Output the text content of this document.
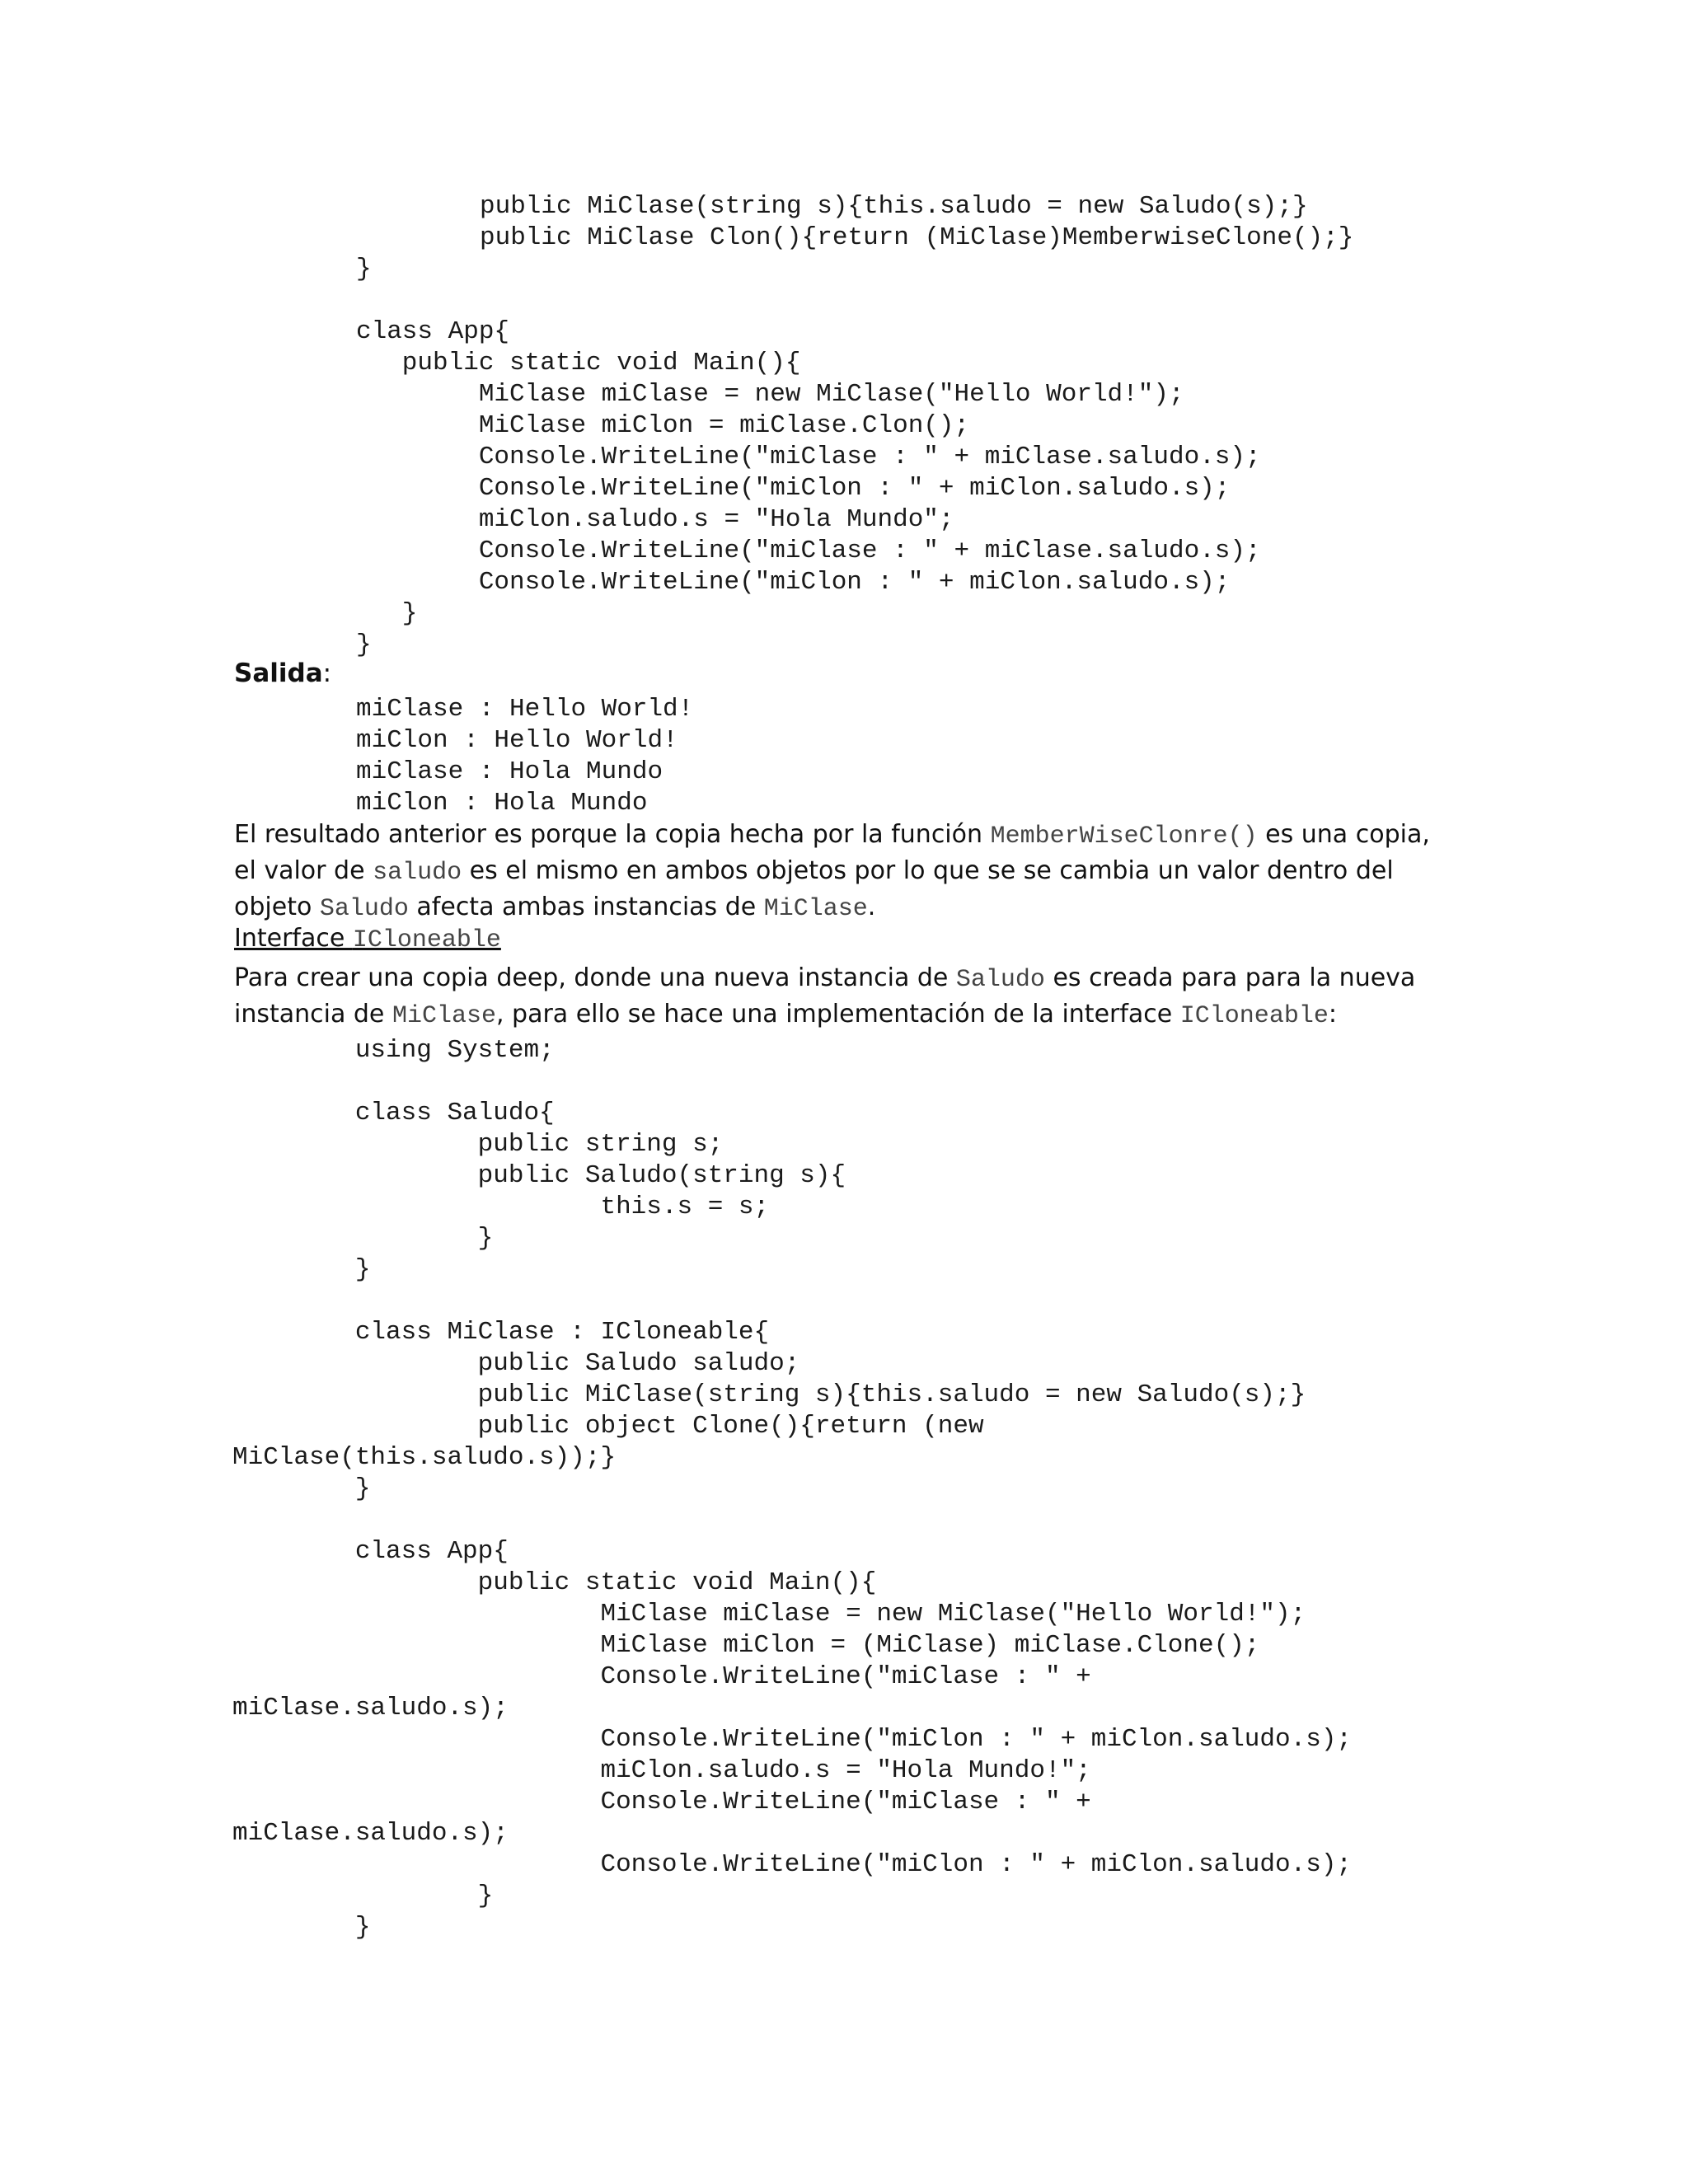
public MiClase(string s){this.saludo = new Saludo(s);}
public MiClase Clon(){return (MiClase)MemberwiseClone();}
}

class App{
public static void Main(){
MiClase miClase = new MiClase("Hello World!");
MiClase miClon = miClase.Clon();
Console.WriteLine("miClase : " + miClase.saludo.s);
Console.WriteLine("miClon : " + miClon.saludo.s);
miClon.saludo.s = "Hola Mundo";
Console.WriteLine("miClase : " + miClase.saludo.s);
Console.WriteLine("miClon : " + miClon.saludo.s);
}
}

Salida:

miClase : Hello World!
miClon : Hello World!
miClase : Hola Mundo
miClon : Hola Mundo

El resultado anterior es porque la copia hecha por la función MemberWiseClonre() es una copia, el valor de saludo es el mismo en ambos objetos por lo que se se cambia un valor dentro del objeto Saludo afecta ambas instancias de MiClase.

Interface ICloneable

Para crear una copia deep, donde una nueva instancia de Saludo es creada para para la nueva instancia de MiClase, para ello se hace una implementación de la interface ICloneable:

using System;

class Saludo{
public string s;
public Saludo(string s){
this.s = s;
}
}

class MiClase : ICloneable{
public Saludo saludo;
public MiClase(string s){this.saludo = new Saludo(s);}
public object Clone(){return (new
MiClase(this.saludo.s));}
}

class App{
public static void Main(){
MiClase miClase = new MiClase("Hello World!");
MiClase miClon = (MiClase) miClase.Clone();
Console.WriteLine("miClase : " +
miClase.saludo.s);
Console.WriteLine("miClon : " + miClon.saludo.s);
miClon.saludo.s = "Hola Mundo!";
Console.WriteLine("miClase : " +
miClase.saludo.s);
Console.WriteLine("miClon : " + miClon.saludo.s);
}
}
